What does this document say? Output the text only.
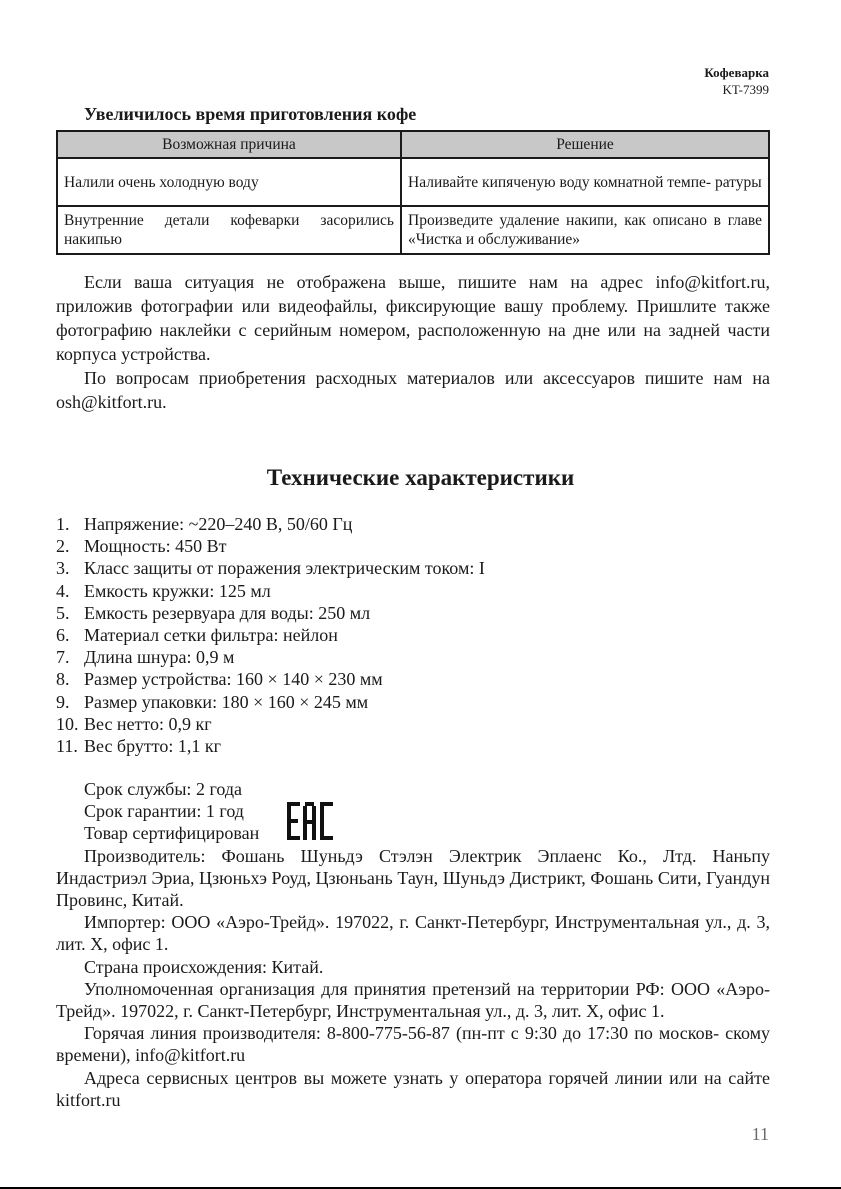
Кофеварка
KT-7399
Увеличилось время приготовления кофе
Возможная причина	Решение
Налили очень холодную воду	Наливайте кипяченую воду комнатной темпе- ратуры
Внутренние детали кофеварки засорились накипью	Произведите удаление накипи, как описано в главе «Чистка и обслуживание»

Если ваша ситуация не отображена выше, пишите нам на адрес info@kitfort.ru, приложив фотографии или видеофайлы, фиксирующие вашу проблему. Пришлите также фотографию наклейки с серийным номером, расположенную на дне или на задней части корпуса устройства.

По вопросам приобретения расходных материалов или аксессуаров пишите нам на osh@kitfort.ru.

Технические характеристики
1. Напряжение: ~220–240 В, 50/60 Гц
2. Мощность: 450 Вт
3. Класс защиты от поражения электрическим током: I
4. Емкость кружки: 125 мл
5. Емкость резервуара для воды: 250 мл
6. Материал сетки фильтра: нейлон
7. Длина шнура: 0,9 м
8. Размер устройства: 160 × 140 × 230 мм
9. Размер упаковки: 180 × 160 × 245 мм
10. Вес нетто: 0,9 кг
11. Вес брутто: 1,1 кг

Срок службы: 2 года

Срок гарантии: 1 год

Товар сертифицирован

Производитель: Фошань Шуньдэ Стэлэн Электрик Эплаенс Ко., Лтд. Наньпу Индастриэл Эриа, Цзюньхэ Роуд, Цзюньань Таун, Шуньдэ Дистрикт, Фошань Сити, Гуандун Провинс, Китай.

Импортер: ООО «Аэро-Трейд». 197022, г. Санкт-Петербург, Инструментальная ул., д. 3, лит. Х, офис 1.

Страна происхождения: Китай.

Уполномоченная организация для принятия претензий на территории РФ: ООО «Аэро-Трейд». 197022, г. Санкт-Петербург, Инструментальная ул., д. 3, лит. Х, офис 1.

Горячая линия производителя: 8-800-775-56-87 (пн-пт с 9:30 до 17:30 по москов- скому времени), info@kitfort.ru

Адреса сервисных центров вы можете узнать у оператора горячей линии или на сайте kitfort.ru

11
